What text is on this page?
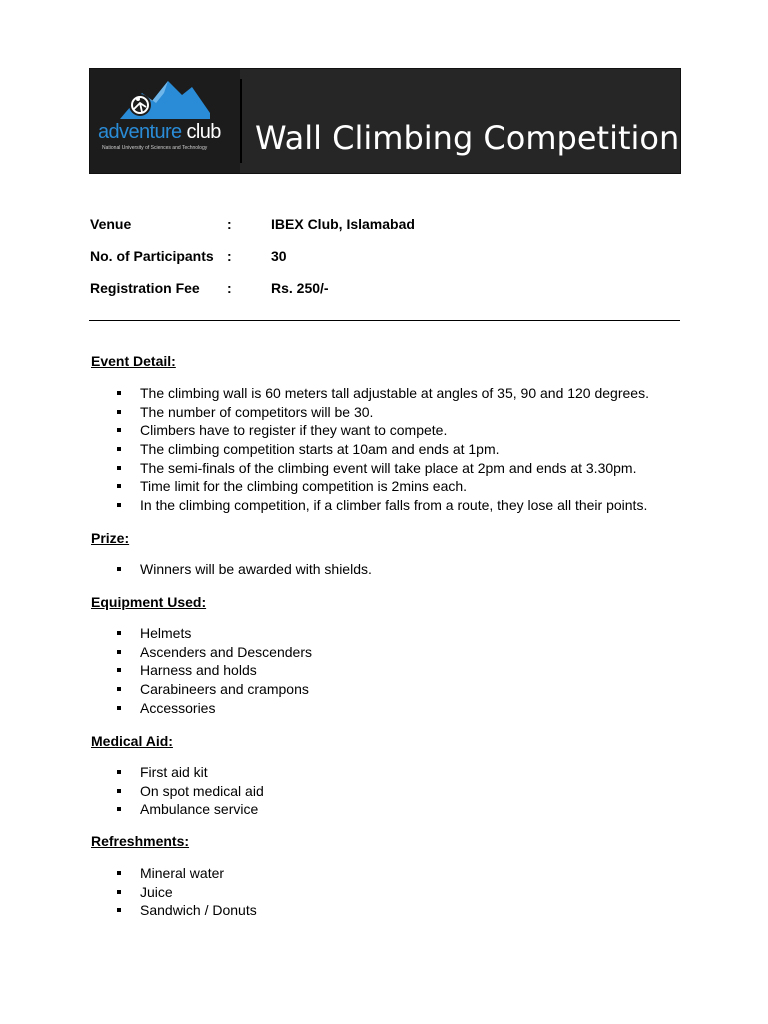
adventure club
National University of Sciences and Technology	Wall Climbing Competition
Venue	:	IBEX Club, Islamabad
No. of Participants :	30
Registration Fee :	Rs. 250/-
Event Detail:
The climbing wall is 60 meters tall adjustable at angles of 35, 90 and 120 degrees.
The number of competitors will be 30.
Climbers have to register if they want to compete.
The climbing competition starts at 10am and ends at 1pm.
The semi-finals of the climbing event will take place at 2pm and ends at 3.30pm.
Time limit for the climbing competition is 2mins each.
In the climbing competition, if a climber falls from a route, they lose all their points.
Prize:
Winners will be awarded with shields.
Equipment Used:
Helmets
Ascenders and Descenders
Harness and holds
Carabineers and crampons
Accessories
Medical Aid:
First aid kit
On spot medical aid
Ambulance service
Refreshments:
Mineral water
Juice
Sandwich / Donuts
